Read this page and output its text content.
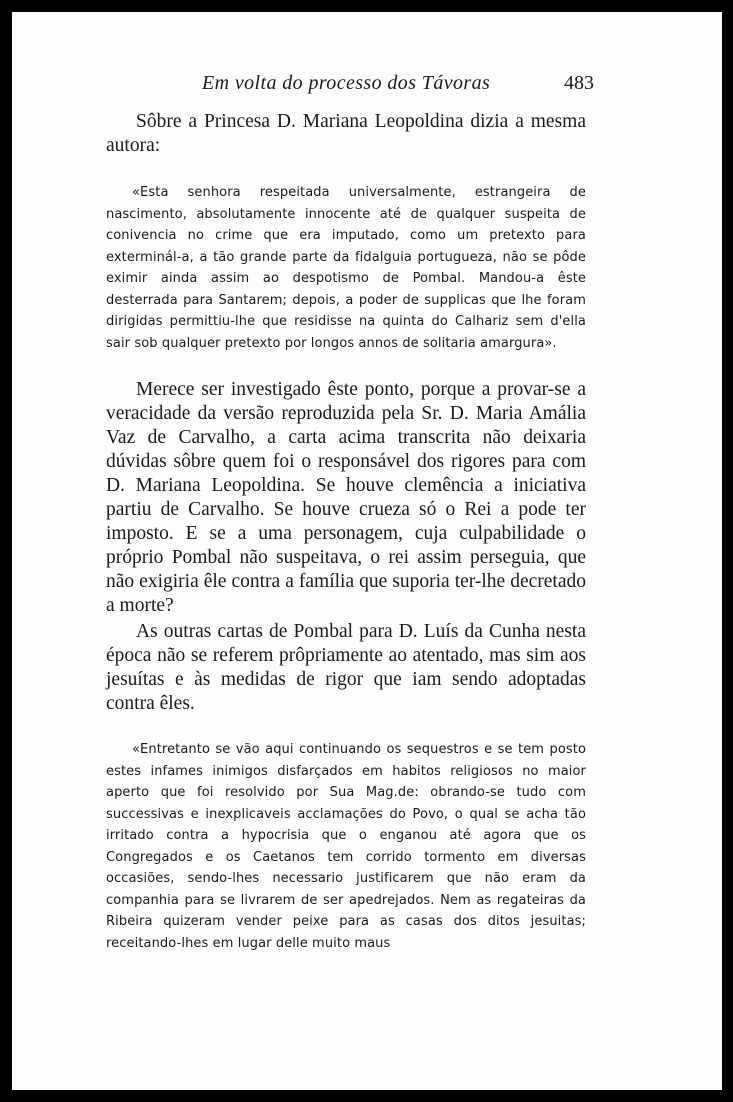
Em volta do processo dos Távoras	483

Sôbre a Princesa D. Mariana Leopoldina dizia a mesma autora:

«Esta senhora respeitada universalmente, estrangeira de nascimento, absolutamente innocente até de qualquer suspeita de conivencia no crime que era imputado, como um pretexto para exterminál-a, a tão grande parte da fidalguia portugueza, não se pôde eximir ainda assim ao despotismo de Pombal. Mandou-a êste desterrada para Santarem; depois, a poder de supplicas que lhe foram dirigidas permittiu-lhe que residisse na quinta do Calhariz sem d'ella sair sob qualquer pretexto por longos annos de solitaria amargura».

Merece ser investigado êste ponto, porque a provar-se a veracidade da versão reproduzida pela Sr. D. Maria Amália Vaz de Carvalho, a carta acima transcrita não deixaria dúvidas sôbre quem foi o responsável dos rigores para com D. Mariana Leopoldina. Se houve clemência a iniciativa partiu de Carvalho. Se houve crueza só o Rei a pode ter imposto. E se a uma personagem, cuja culpabilidade o próprio Pombal não suspeitava, o rei assim perseguia, que não exigiria êle contra a família que suporia ter-lhe decretado a morte?

As outras cartas de Pombal para D. Luís da Cunha nesta época não se referem prôpriamente ao atentado, mas sim aos jesuítas e às medidas de rigor que iam sendo adoptadas contra êles.

«Entretanto se vão aqui continuando os sequestros e se tem posto estes infames inimigos disfarçados em habitos religiosos no maior aperto que foi resolvido por Sua Mag.de: obrando-se tudo com successivas e inexplicaveis acclamações do Povo, o qual se acha tão irritado contra a hypocrisia que o enganou até agora que os Congregados e os Caetanos tem corrido tormento em diversas occasiões, sendo-lhes necessario justificarem que não eram da companhia para se livrarem de ser apedrejados. Nem as regateiras da Ribeira quizeram vender peixe para as casas dos ditos jesuitas; receitando-lhes em lugar delle muito maus
